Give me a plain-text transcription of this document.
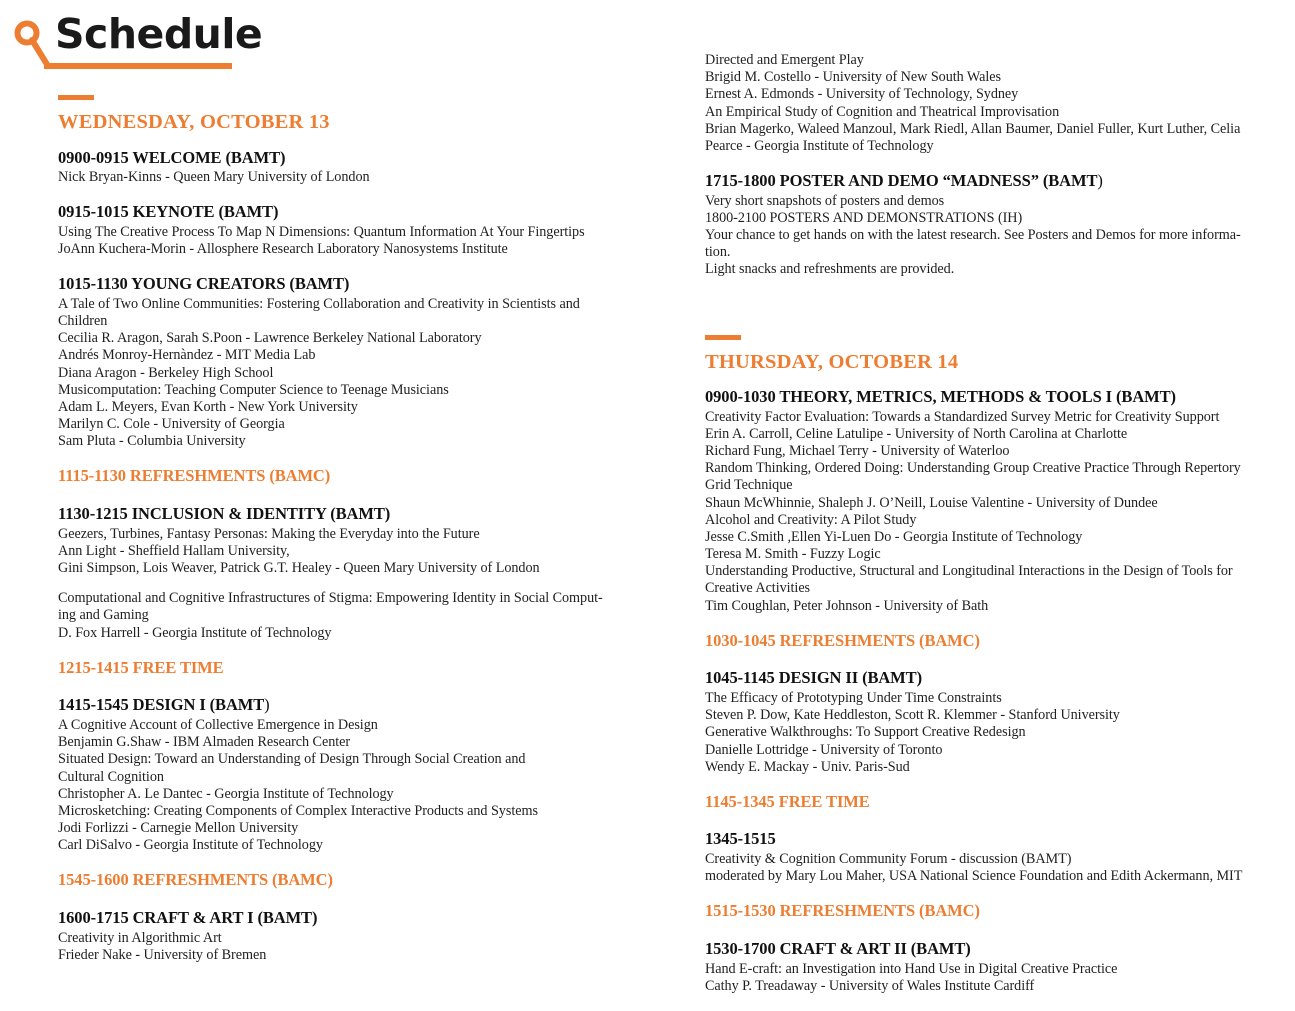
Schedule
WEDNESDAY, OCTOBER 13
0900-0915 WELCOME (BAMT)
Nick Bryan-Kinns - Queen Mary University of London
0915-1015 KEYNOTE (BAMT)
Using The Creative Process To Map N Dimensions: Quantum Information At Your Fingertips
JoAnn Kuchera-Morin - Allosphere Research Laboratory Nanosystems Institute
1015-1130 YOUNG CREATORS (BAMT)
A Tale of Two Online Communities: Fostering Collaboration and Creativity in Scientists and
Children
Cecilia R. Aragon, Sarah S.Poon - Lawrence Berkeley National Laboratory
Andrés Monroy-Hernàndez - MIT Media Lab
Diana Aragon - Berkeley High School
Musicomputation: Teaching Computer Science to Teenage Musicians
Adam L. Meyers, Evan Korth - New York University
Marilyn C. Cole - University of Georgia
Sam Pluta - Columbia University
1115-1130 REFRESHMENTS (BAMC)
1130-1215 INCLUSION & IDENTITY (BAMT)
Geezers, Turbines, Fantasy Personas: Making the Everyday into the Future
Ann Light - Sheffield Hallam University,
Gini Simpson, Lois Weaver, Patrick G.T. Healey - Queen Mary University of London
Computational and Cognitive Infrastructures of Stigma: Empowering Identity in Social Comput-
ing and Gaming
D. Fox Harrell - Georgia Institute of Technology
1215-1415 FREE TIME
1415-1545 DESIGN I (BAMT)
A Cognitive Account of Collective Emergence in Design
Benjamin G.Shaw - IBM Almaden Research Center
Situated Design: Toward an Understanding of Design Through Social Creation and
Cultural Cognition
Christopher A. Le Dantec - Georgia Institute of Technology
Microsketching: Creating Components of Complex Interactive Products and Systems
Jodi Forlizzi - Carnegie Mellon University
Carl DiSalvo - Georgia Institute of Technology
1545-1600 REFRESHMENTS (BAMC)
1600-1715 CRAFT & ART I (BAMT)
Creativity in Algorithmic Art
Frieder Nake - University of Bremen
Directed and Emergent Play
Brigid M. Costello - University of New South Wales
Ernest A. Edmonds - University of Technology, Sydney
An Empirical Study of Cognition and Theatrical Improvisation
Brian Magerko, Waleed Manzoul, Mark Riedl, Allan Baumer, Daniel Fuller, Kurt Luther, Celia
Pearce - Georgia Institute of Technology
1715-1800 POSTER AND DEMO “MADNESS” (BAMT)
Very short snapshots of posters and demos
1800-2100 POSTERS AND DEMONSTRATIONS (IH)
Your chance to get hands on with the latest research. See Posters and Demos for more informa-
tion.
Light snacks and refreshments are provided.
THURSDAY, OCTOBER 14
0900-1030 THEORY, METRICS, METHODS & TOOLS I (BAMT)
Creativity Factor Evaluation: Towards a Standardized Survey Metric for Creativity Support
Erin A. Carroll, Celine Latulipe - University of North Carolina at Charlotte
Richard Fung, Michael Terry - University of Waterloo
Random Thinking, Ordered Doing: Understanding Group Creative Practice Through Repertory
Grid Technique
Shaun McWhinnie, Shaleph J. O’Neill, Louise Valentine - University of Dundee
Alcohol and Creativity: A Pilot Study
Jesse C.Smith ,Ellen Yi-Luen Do - Georgia Institute of Technology
Teresa M. Smith - Fuzzy Logic
Understanding Productive, Structural and Longitudinal Interactions in the Design of Tools for
Creative Activities
Tim Coughlan, Peter Johnson - University of Bath
1030-1045 REFRESHMENTS (BAMC)
1045-1145 DESIGN II (BAMT)
The Efficacy of Prototyping Under Time Constraints
Steven P. Dow, Kate Heddleston, Scott R. Klemmer - Stanford University
Generative Walkthroughs: To Support Creative Redesign
Danielle Lottridge - University of Toronto
Wendy E. Mackay - Univ. Paris-Sud
1145-1345 FREE TIME
1345-1515
Creativity & Cognition Community Forum - discussion (BAMT)
moderated by Mary Lou Maher, USA National Science Foundation and Edith Ackermann, MIT
1515-1530 REFRESHMENTS (BAMC)
1530-1700 CRAFT & ART II (BAMT)
Hand E-craft: an Investigation into Hand Use in Digital Creative Practice
Cathy P. Treadaway - University of Wales Institute Cardiff
